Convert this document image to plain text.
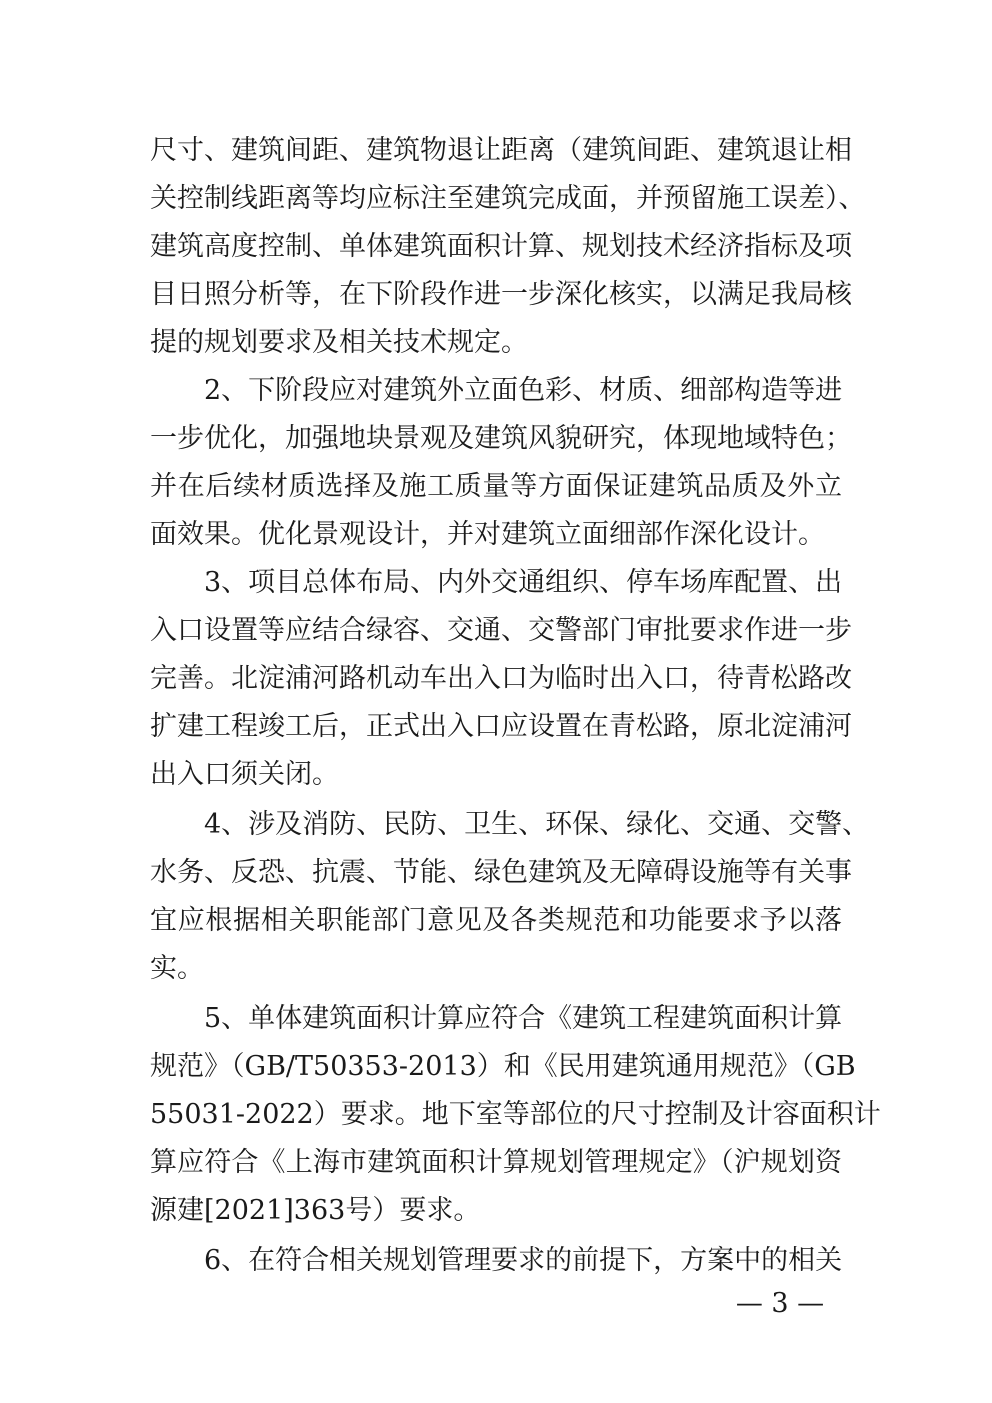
尺寸、建筑间距、建筑物退让距离（建筑间距、建筑退让相
关控制线距离等均应标注至建筑完成面，并预留施工误差）、
建筑高度控制、单体建筑面积计算、规划技术经济指标及项
目日照分析等，在下阶段作进一步深化核实，以满足我局核
提的规划要求及相关技术规定。
2、下阶段应对建筑外立面色彩、材质、细部构造等进
一步优化，加强地块景观及建筑风貌研究，体现地域特色；
并在后续材质选择及施工质量等方面保证建筑品质及外立
面效果。优化景观设计，并对建筑立面细部作深化设计。
3、项目总体布局、内外交通组织、停车场库配置、出
入口设置等应结合绿容、交通、交警部门审批要求作进一步
完善。北淀浦河路机动车出入口为临时出入口，待青松路改
扩建工程竣工后，正式出入口应设置在青松路，原北淀浦河
出入口须关闭。
4、涉及消防、民防、卫生、环保、绿化、交通、交警、
水务、反恐、抗震、节能、绿色建筑及无障碍设施等有关事
宜应根据相关职能部门意见及各类规范和功能要求予以落
实。
5、单体建筑面积计算应符合《建筑工程建筑面积计算
规范》（GB/T50353-2013）和《民用建筑通用规范》（GB
55031-2022）要求。地下室等部位的尺寸控制及计容面积计
算应符合《上海市建筑面积计算规划管理规定》（沪规划资
源建[2021]363号）要求。
6、在符合相关规划管理要求的前提下，方案中的相关
— 3 —
